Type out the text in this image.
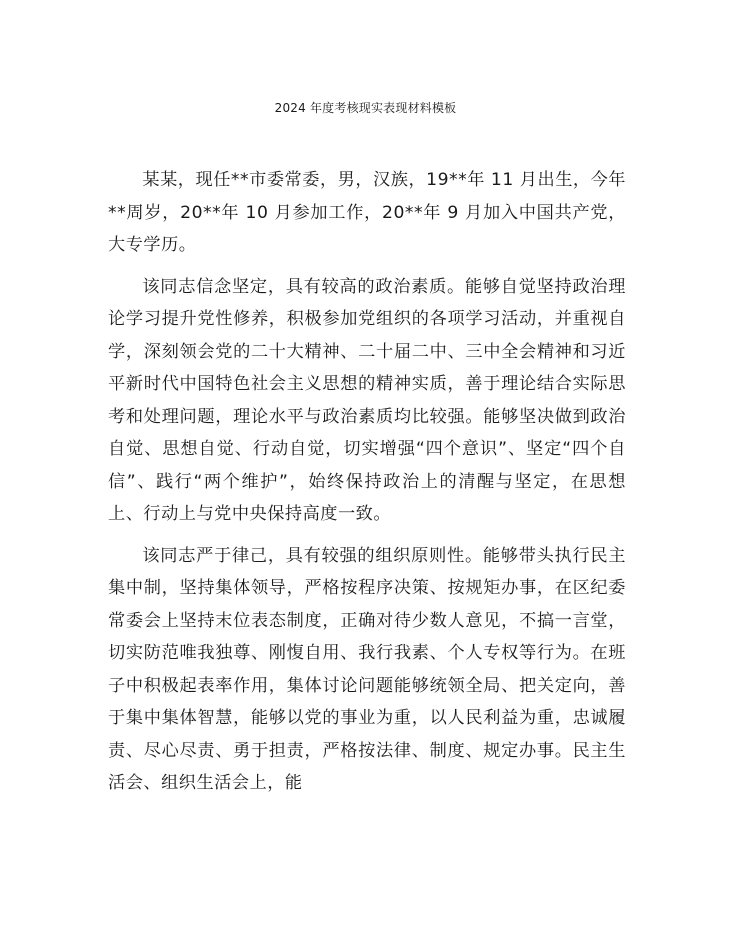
2024 年度考核现实表现材料模板

某某，现任**市委常委，男，汉族，19**年 11 月出生，今年**周岁，20**年 10 月参加工作，20**年 9 月加入中国共产党，大专学历。

该同志信念坚定，具有较高的政治素质。能够自觉坚持政治理论学习提升党性修养，积极参加党组织的各项学习活动，并重视自学，深刻领会党的二十大精神、二十届二中、三中全会精神和习近平新时代中国特色社会主义思想的精神实质，善于理论结合实际思考和处理问题，理论水平与政治素质均比较强。能够坚决做到政治自觉、思想自觉、行动自觉，切实增强“四个意识”、坚定“四个自信”、践行“两个维护”，始终保持政治上的清醒与坚定，在思想上、行动上与党中央保持高度一致。

该同志严于律己，具有较强的组织原则性。能够带头执行民主集中制，坚持集体领导，严格按程序决策、按规矩办事，在区纪委常委会上坚持末位表态制度，正确对待少数人意见，不搞一言堂，切实防范唯我独尊、刚愎自用、我行我素、个人专权等行为。在班子中积极起表率作用，集体讨论问题能够统领全局、把关定向，善于集中集体智慧，能够以党的事业为重，以人民利益为重，忠诚履责、尽心尽责、勇于担责，严格按法律、制度、规定办事。民主生活会、组织生活会上，能
